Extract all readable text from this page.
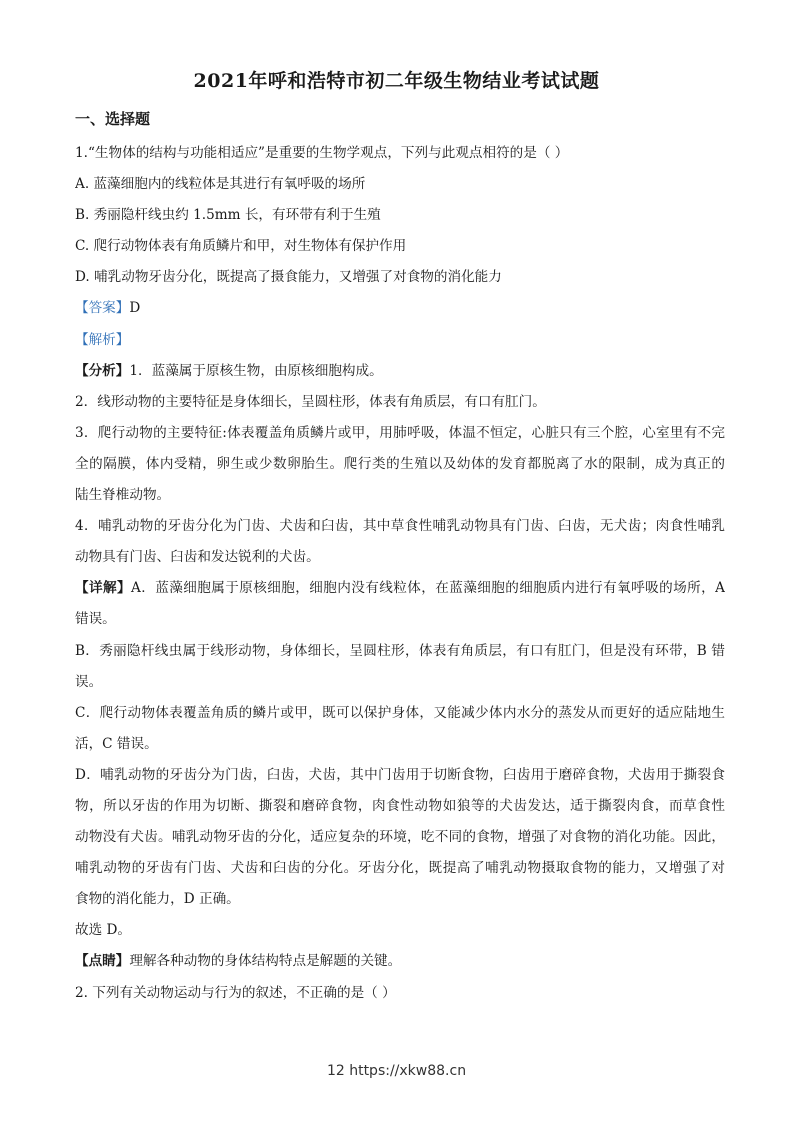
2021年呼和浩特市初二年级生物结业考试试题
一、选择题
1.“生物体的结构与功能相适应”是重要的生物学观点，下列与此观点相符的是（ ）
A. 蓝藻细胞内的线粒体是其进行有氧呼吸的场所
B. 秀丽隐杆线虫约 1.5mm 长，有环带有利于生殖
C. 爬行动物体表有角质鳞片和甲，对生物体有保护作用
D. 哺乳动物牙齿分化，既提高了摄食能力，又增强了对食物的消化能力
【答案】D
【解析】
【分析】1．蓝藻属于原核生物，由原核细胞构成。
2．线形动物的主要特征是身体细长，呈圆柱形，体表有角质层，有口有肛门。
3．爬行动物的主要特征:体表覆盖角质鳞片或甲，用肺呼吸，体温不恒定，心脏只有三个腔，心室里有不完
全的隔膜，体内受精，卵生或少数卵胎生。爬行类的生殖以及幼体的发育都脱离了水的限制，成为真正的
陆生脊椎动物。
4．哺乳动物的牙齿分化为门齿、犬齿和臼齿，其中草食性哺乳动物具有门齿、臼齿，无犬齿；肉食性哺乳
动物具有门齿、臼齿和发达锐利的犬齿。
【详解】A．蓝藻细胞属于原核细胞，细胞内没有线粒体，在蓝藻细胞的细胞质内进行有氧呼吸的场所，A
错误。
B．秀丽隐杆线虫属于线形动物，身体细长，呈圆柱形，体表有角质层，有口有肛门，但是没有环带，B 错
误。
C．爬行动物体表覆盖角质的鳞片或甲，既可以保护身体，又能减少体内水分的蒸发从而更好的适应陆地生
活，C 错误。
D．哺乳动物的牙齿分为门齿，臼齿，犬齿，其中门齿用于切断食物，臼齿用于磨碎食物，犬齿用于撕裂食
物，所以牙齿的作用为切断、撕裂和磨碎食物，肉食性动物如狼等的犬齿发达，适于撕裂肉食，而草食性
动物没有犬齿。哺乳动物牙齿的分化，适应复杂的环境，吃不同的食物，增强了对食物的消化功能。因此，
哺乳动物的牙齿有门齿、犬齿和臼齿的分化。牙齿分化，既提高了哺乳动物摄取食物的能力，又增强了对
食物的消化能力，D 正确。
故选 D。
【点睛】理解各种动物的身体结构特点是解题的关键。
2. 下列有关动物运动与行为的叙述，不正确的是（ ）
12 https://xkw88.cn
